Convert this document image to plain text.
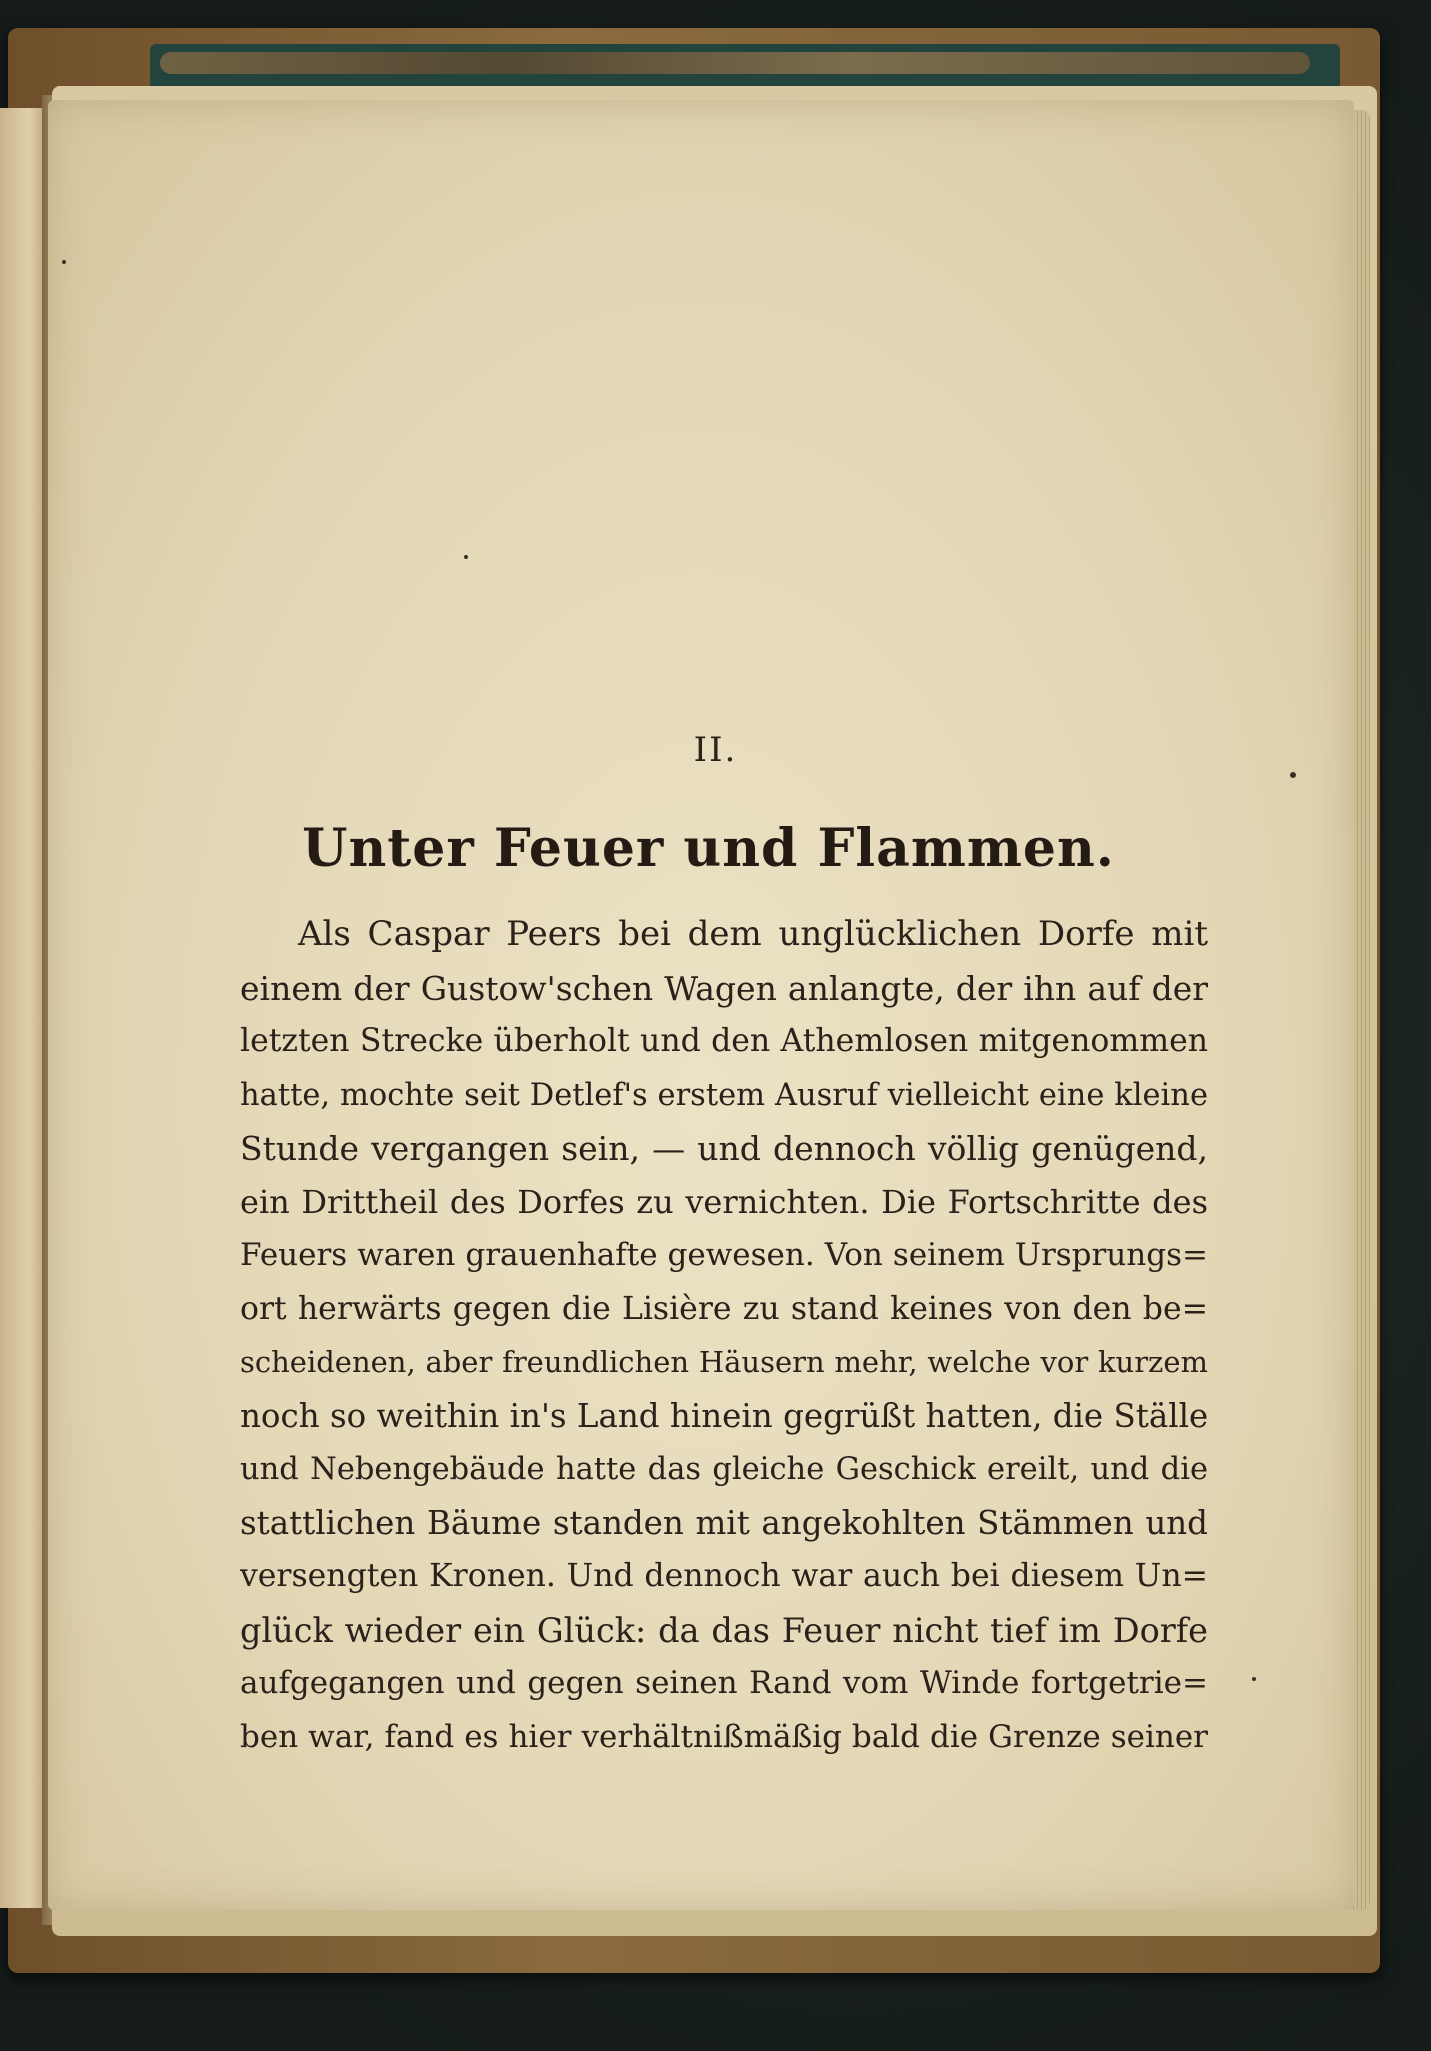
II.
Unter Feuer und Flammen.
Als Caspar Peers bei dem unglücklichen Dorfe mit
einem der Gustow'schen Wagen anlangte, der ihn auf der
letzten Strecke überholt und den Athemlosen mitgenommen
hatte, mochte seit Detlef's erstem Ausruf vielleicht eine kleine
Stunde vergangen sein, — und dennoch völlig genügend,
ein Drittheil des Dorfes zu vernichten. Die Fortschritte des
Feuers waren grauenhafte gewesen. Von seinem Ursprungs=
ort herwärts gegen die Lisière zu stand keines von den be=
scheidenen, aber freundlichen Häusern mehr, welche vor kurzem
noch so weithin in's Land hinein gegrüßt hatten, die Ställe
und Nebengebäude hatte das gleiche Geschick ereilt, und die
stattlichen Bäume standen mit angekohlten Stämmen und
versengten Kronen. Und dennoch war auch bei diesem Un=
glück wieder ein Glück: da das Feuer nicht tief im Dorfe
aufgegangen und gegen seinen Rand vom Winde fortgetrie=
ben war, fand es hier verhältnißmäßig bald die Grenze seiner
